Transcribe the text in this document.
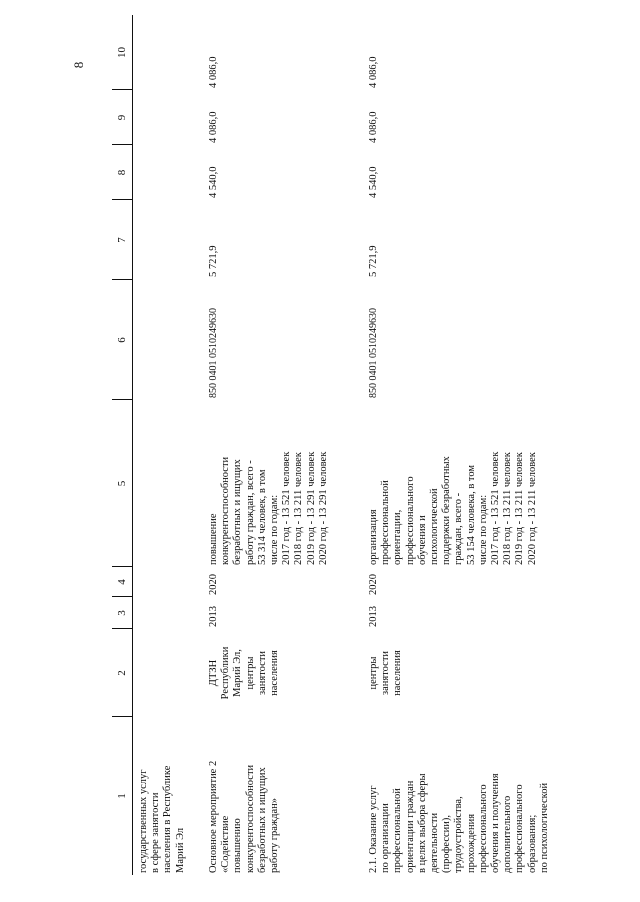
8
1
2
3
4
5
6
7
8
9
10
государственных услуг
в сфере занятости
населения в Республике
Марий Эл Основное мероприятие 2
«Содействие
повышению
конкурентоспособности
безработных и ищущих
работу граждан»
ДТЗН
Республики
Марий Эл,
центры
занятости
населения
2013
2020
повышение
конкурентоспособности
безработных и ищущих
работу граждан, всего -
53 314 человек, в том
числе по годам:
2017 год - 13 521 человек
2018 год - 13 211 человек
2019 год - 13 291 человек
2020 год - 13 291 человек
850 0401 0510249630
5 721,9
4 540,0
4 086,0
4 086,0
2.1. Оказание услуг
по организации
профессиональной
ориентации граждан
в целях выбора сферы
деятельности
(профессии),
трудоустройства,
прохождения
профессионального
обучения и получения
дополнительного
профессионального
образования;
по психологической
центры
занятости
населения
2013
2020
организация
профессиональной
ориентации,
профессионального
обучения и
психологической
поддержки безработных
граждан, всего -
53 154 человека, в том
числе по годам:
2017 год - 13 521 человек
2018 год - 13 211 человек
2019 год - 13 211 человек
2020 год - 13 211 человек
850 0401 0510249630
5 721,9
4 540,0
4 086,0
4 086,0
